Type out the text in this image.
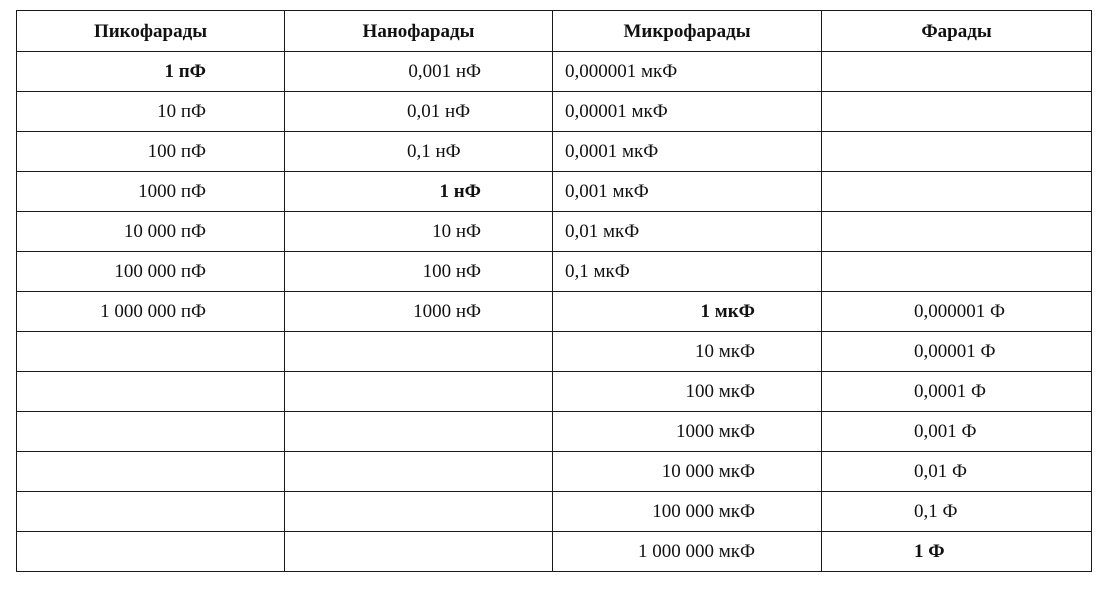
Пикофарады	Нанофарады	Микрофарады	Фарады
1 пФ	0,001 нФ	0,000001 мкФ	
10 пФ	0,01 нФ	0,00001 мкФ	
100 пФ	0,1 нФ	0,0001 мкФ	
1000 пФ	1 нФ	0,001 мкФ	
10 000 пФ	10 нФ	0,01 мкФ	
100 000 пФ	100 нФ	0,1 мкФ	
1 000 000 пФ	1000 нФ	1 мкФ	0,000001 Ф
		10 мкФ	0,00001 Ф
		100 мкФ	0,0001 Ф
		1000 мкФ	0,001 Ф
		10 000 мкФ	0,01 Ф
		100 000 мкФ	0,1 Ф
		1 000 000 мкФ	1 Ф
